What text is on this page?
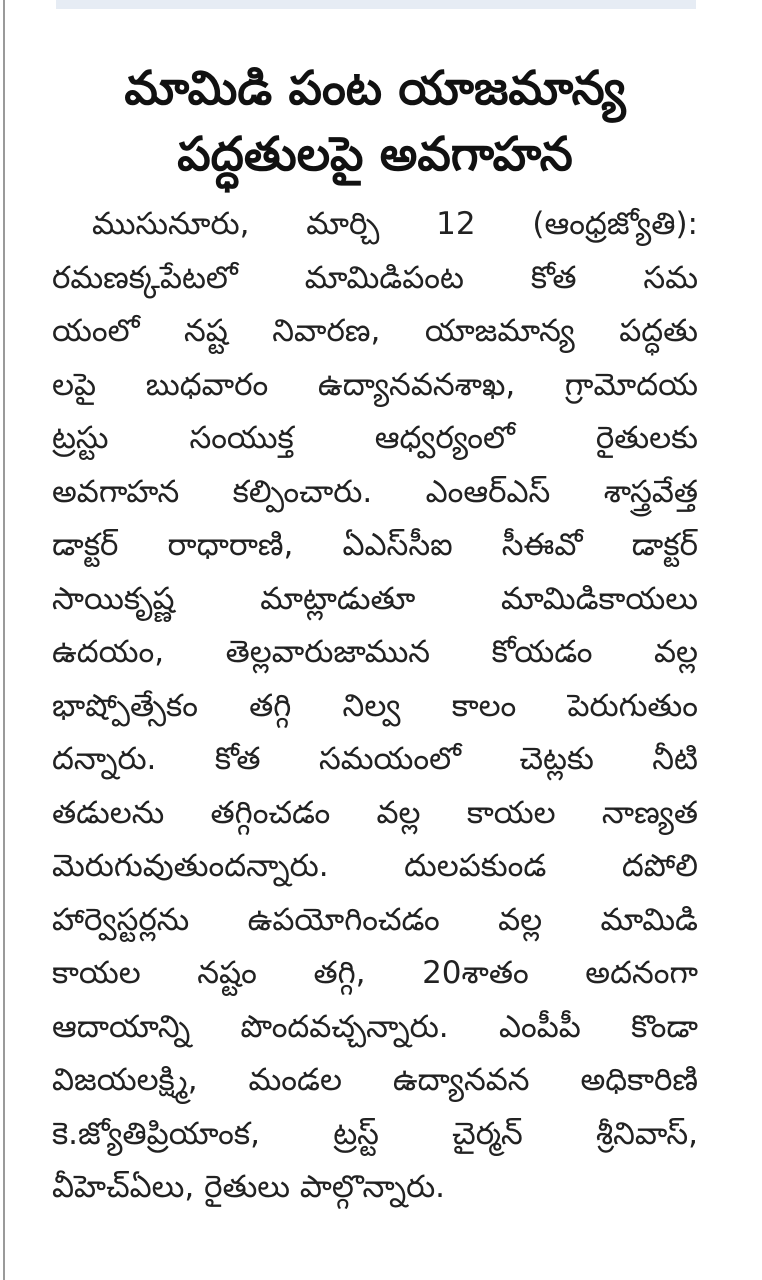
మామిడి పంట యాజమాన్య
పద్ధతులపై అవగాహన
ముసునూరు, మార్చి 12 (ఆంధ్రజ్యోతి):
రమణక్కపేటలో మామిడిపంట కోత సమ
యంలో నష్ట నివారణ, యాజమాన్య పద్ధతు
లపై బుధవారం ఉద్యానవనశాఖ, గ్రామోదయ
ట్రస్టు సంయుక్త ఆధ్వర్యంలో రైతులకు
అవగాహన కల్పించారు. ఎంఆర్ఎస్ శాస్త్రవేత్త
డాక్టర్ రాధారాణి, ఏఎస్‌సీఐ సీఈవో డాక్టర్
సాయికృష్ణ మాట్లాడుతూ మామిడికాయలు
ఉదయం, తెల్లవారుజామున కోయడం వల్ల
భాష్పోత్సేకం తగ్గి నిల్వ కాలం పెరుగుతుం
దన్నారు. కోత సమయంలో చెట్లకు నీటి
తడులను తగ్గించడం వల్ల కాయల నాణ్యత
మెరుగువుతుందన్నారు. దులపకుండ దపోలి
హార్వెస్టర్లను ఉపయోగించడం వల్ల మామిడి
కాయల నష్టం తగ్గి, 20శాతం అదనంగా
ఆదాయాన్ని పొందవచ్చన్నారు. ఎంపీపీ కొండా
విజయలక్ష్మి, మండల ఉద్యానవన అధికారిణి
కె.జ్యోతిప్రియాంక, ట్రస్ట్ చైర్మన్ శ్రీనివాస్,
వీహెచ్‌ఏలు, రైతులు పాల్గొన్నారు.
